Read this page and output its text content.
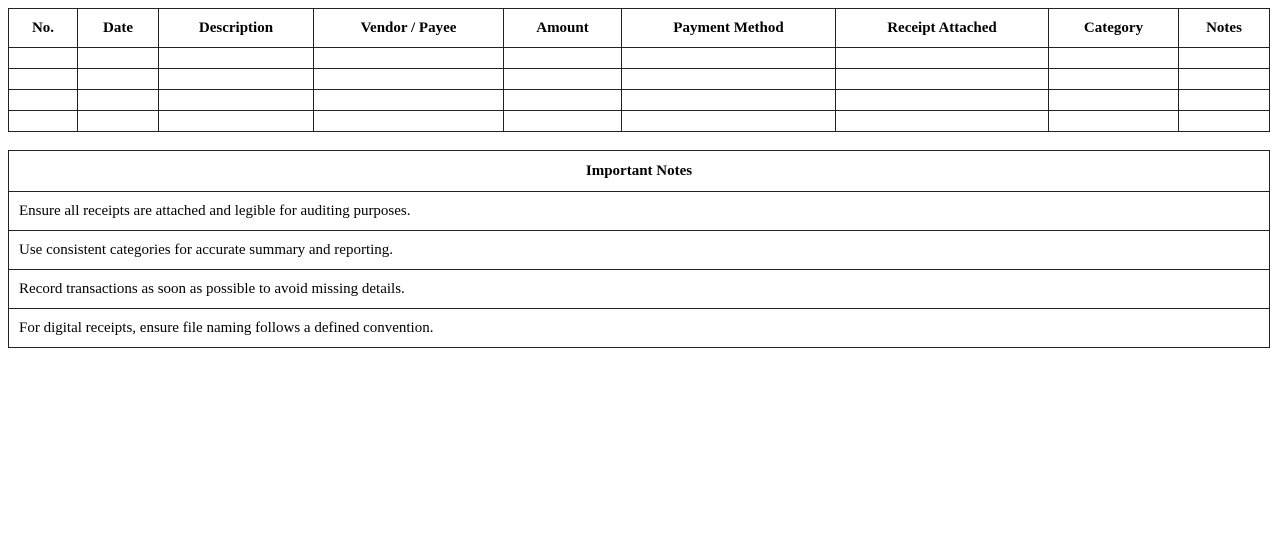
No.	Date	Description	Vendor / Payee	Amount	Payment Method	Receipt Attached	Category	Notes

Important Notes
Ensure all receipts are attached and legible for auditing purposes.
Use consistent categories for accurate summary and reporting.
Record transactions as soon as possible to avoid missing details.
For digital receipts, ensure file naming follows a defined convention.
